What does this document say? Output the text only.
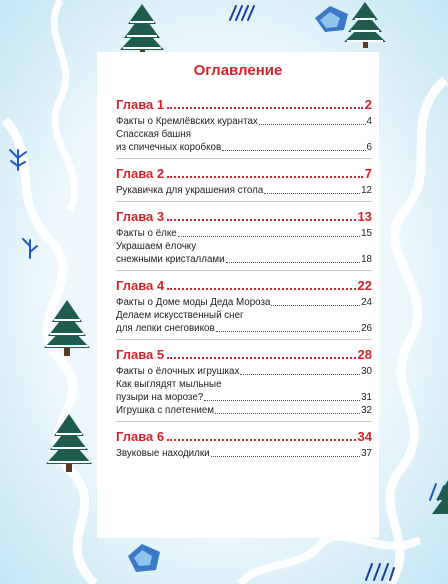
Оглавление
Глава 1	2
Факты о Кремлёвских курантах	4
Спасская башня
из спичечных коробков	6
Глава 2	7
Рукавичка для украшения стола	12
Глава 3	13
Факты о ёлке	15
Украшаем ёлочку
снежными кристаллами	18
Глава 4	22
Факты о Доме моды Деда Мороза	24
Делаем искусственный снег
для лепки снеговиков	26
Глава 5	28
Факты о ёлочных игрушках	30
Как выглядят мыльные
пузыри на морозе?	31
Игрушка с плетением	32
Глава 6	34
Звуковые находилки	37
